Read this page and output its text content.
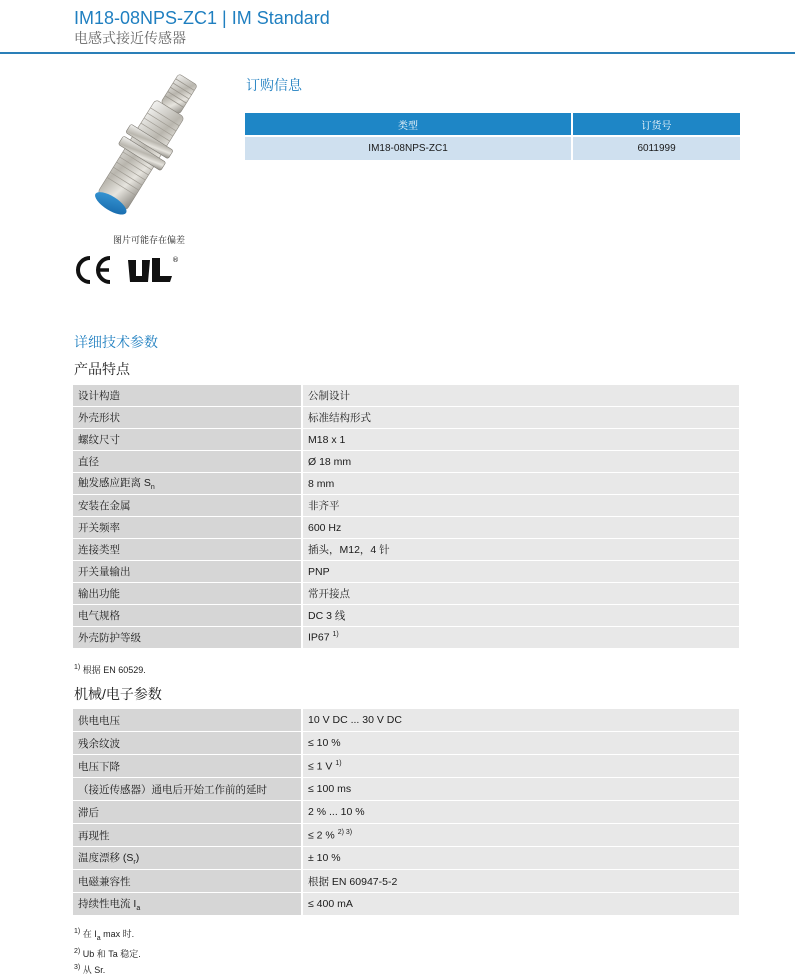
IM18-08NPS-ZC1 | IM Standard
电感式接近传感器
图片可能存在偏差
®
订购信息
类型	订货号
IM18-08NPS-ZC1	6011999
详细技术参数
产品特点
设计构造	公制设计
外壳形状	标准结构形式
螺纹尺寸	M18 x 1
直径	Ø 18 mm
触发感应距离 $S_n$	8 mm
安装在金属	非齐平
开关频率	600 Hz
连接类型	插头，M12，4 针
开关量输出	PNP
输出功能	常开接点
电气规格	DC 3 线
外壳防护等级	IP67 $^{1)}$
$^{1)}$ 根据 EN 60529.
机械/电子参数
供电电压	10 V DC ... 30 V DC
残余纹波	≤ 10 %
电压下降	≤ 1 V $^{1)}$
（接近传感器）通电后开始工作前的延时	≤ 100 ms
滞后	2 % ... 10 %
再现性	≤ 2 % $^{2) 3)}$
温度漂移 $(S_r)$	± 10 %
电磁兼容性	根据 EN 60947-5-2
持续性电流 $I_a$	≤ 400 mA
$^{1)}$ 在 $I_a$ max 时.
$^{2)}$ Ub 和 Ta 稳定.
$^{3)}$ 从 Sr.
